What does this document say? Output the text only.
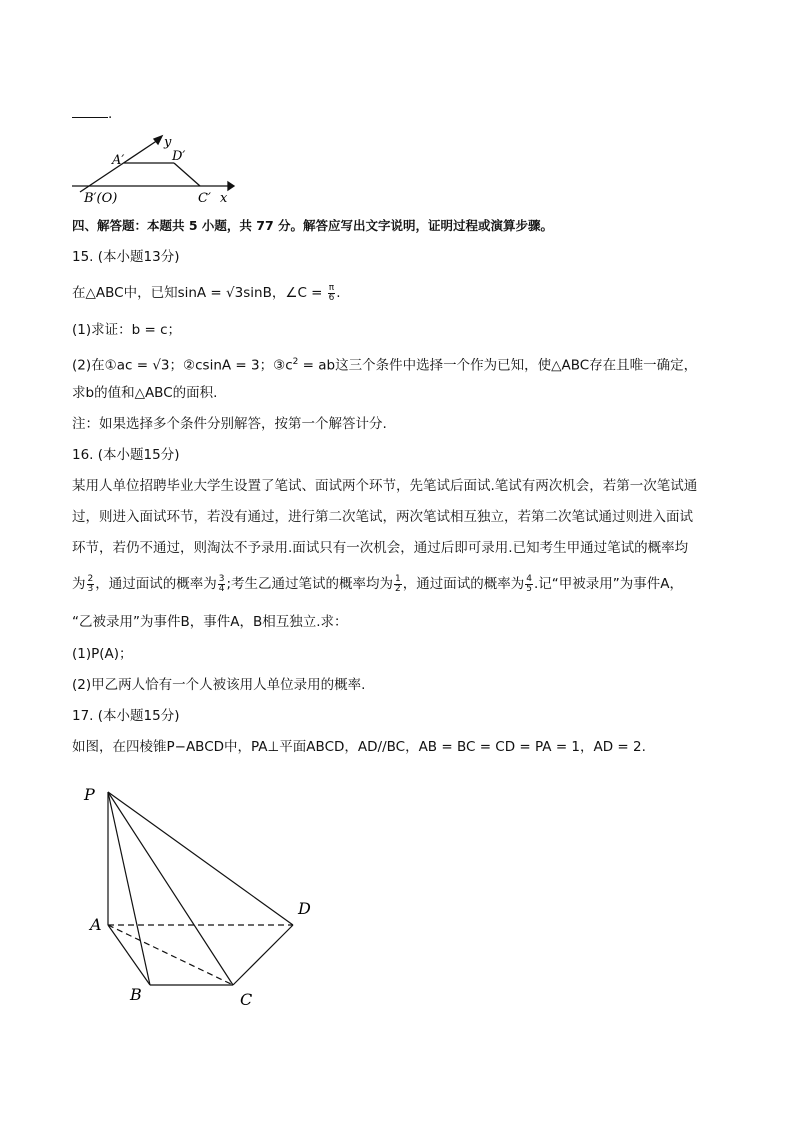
.
y
A′	D′
B′(O)	C′ x
四、解答题：本题共 5 小题，共 77 分。解答应写出文字说明，证明过程或演算步骤。
15. (本小题13分)
在△ABC中，已知sinA = √3sinB，∠C = $\frac{\pi}{6}$ .
(1)求证：b = c；
(2)在①ac = √3；②csinA = 3；$③c^2$ = ab这三个条件中选择一个作为已知，使△ABC存在且唯一确定，
求b的值和△ABC的面积.
注：如果选择多个条件分别解答，按第一个解答计分.
16. (本小题15分)
某用人单位招聘毕业大学生设置了笔试、面试两个环节，先笔试后面试.笔试有两次机会，若第一次笔试通
过，则进入面试环节，若没有通过，进行第二次笔试，两次笔试相互独立，若第二次笔试通过则进入面试
环节，若仍不通过，则淘汰不予录用.面试只有一次机会，通过后即可录用.已知考生甲通过笔试的概率均
为 $\frac{2}{3}$ ，通过面试的概率为 $\frac{3}{4}$ ;考生乙通过笔试的概率均为 $\frac{1}{2}$ ，通过面试的概率为 $\frac{4}{5}$ .记“甲被录用”为事件A，
“乙被录用”为事件B，事件A，B相互独立.求：
(1)P(A)；
(2)甲乙两人恰有一个人被该用人单位录用的概率.
17. (本小题15分)
如图，在四棱锥P−ABCD中，PA⊥平面ABCD，AD//BC，AB = BC = CD = PA = 1，AD = 2.
P
A
B	C
D
